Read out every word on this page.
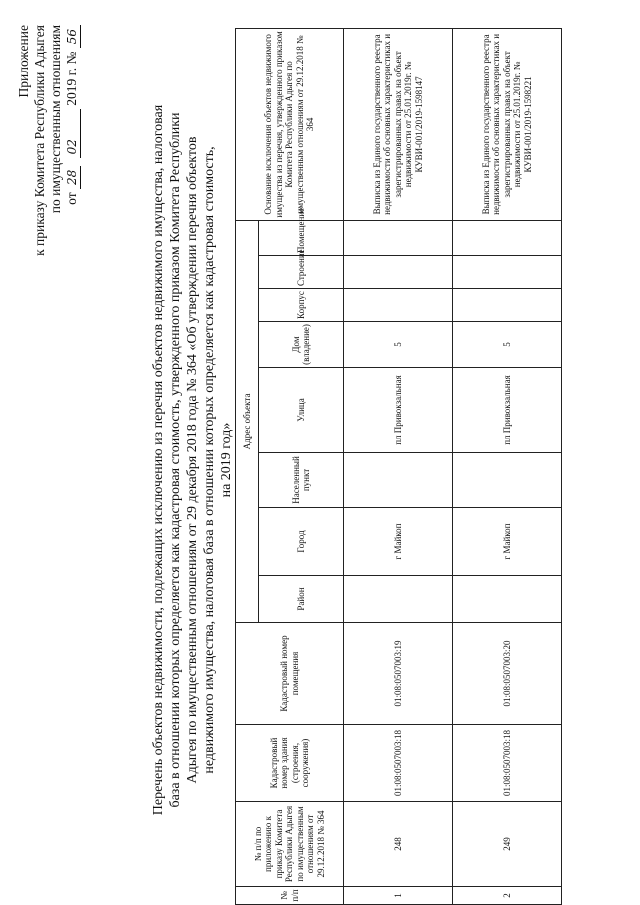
Приложение к приказу Комитета Республики Адыгея по имущественным отношениям от 28 02 2019 г. № 56
Перечень объектов недвижимости, подлежащих исключению из перечня объектов недвижимого имущества, налоговая база в отношении которых определяется как кадастровая стоимость, утвержденного приказом Комитета Республики Адыгея по имущественным отношениям от 29 декабря 2018 года № 364 «Об утверждении перечня объектов недвижимого имущества, налоговая база в отношении которых определяется как кадастровая стоимость, на 2019 год»
№ п/п	№ п/п по приложению к приказу Комитета Республики Адыгея по имущественным отношениям от 29.12.2018 № 364	Кадастровый номер здания (строения, сооружения)	Кадастровый номер помещения	Адрес объекта								Основание исключения объектов недвижимого имущества из перечня, утвержденного приказом Комитета Республики Адыгея по имущественным отношениям от 29.12.2018 № 364
				Район	Город	Населенный пункт	Улица	Дом (владение)	Корпус	Строение	Помещение	
1	248	01:08:0507003:18	01:08:0507003:19		г Майкоп		пл Привокзальная	5				Выписка из Единого государственного реестра недвижимости об основных характеристиках и зарегистрированных правах на объект недвижимости от 25.01.2019г. № КУВИ-001/2019-1598147
2	249	01:08:0507003:18	01:08:0507003:20		г Майкоп		пл Привокзальная	5				Выписка из Единого государственного реестра недвижимости об основных характеристиках и зарегистрированных правах на объект недвижимости от 25.01.2019г. № КУВИ-001/2019-1598221
